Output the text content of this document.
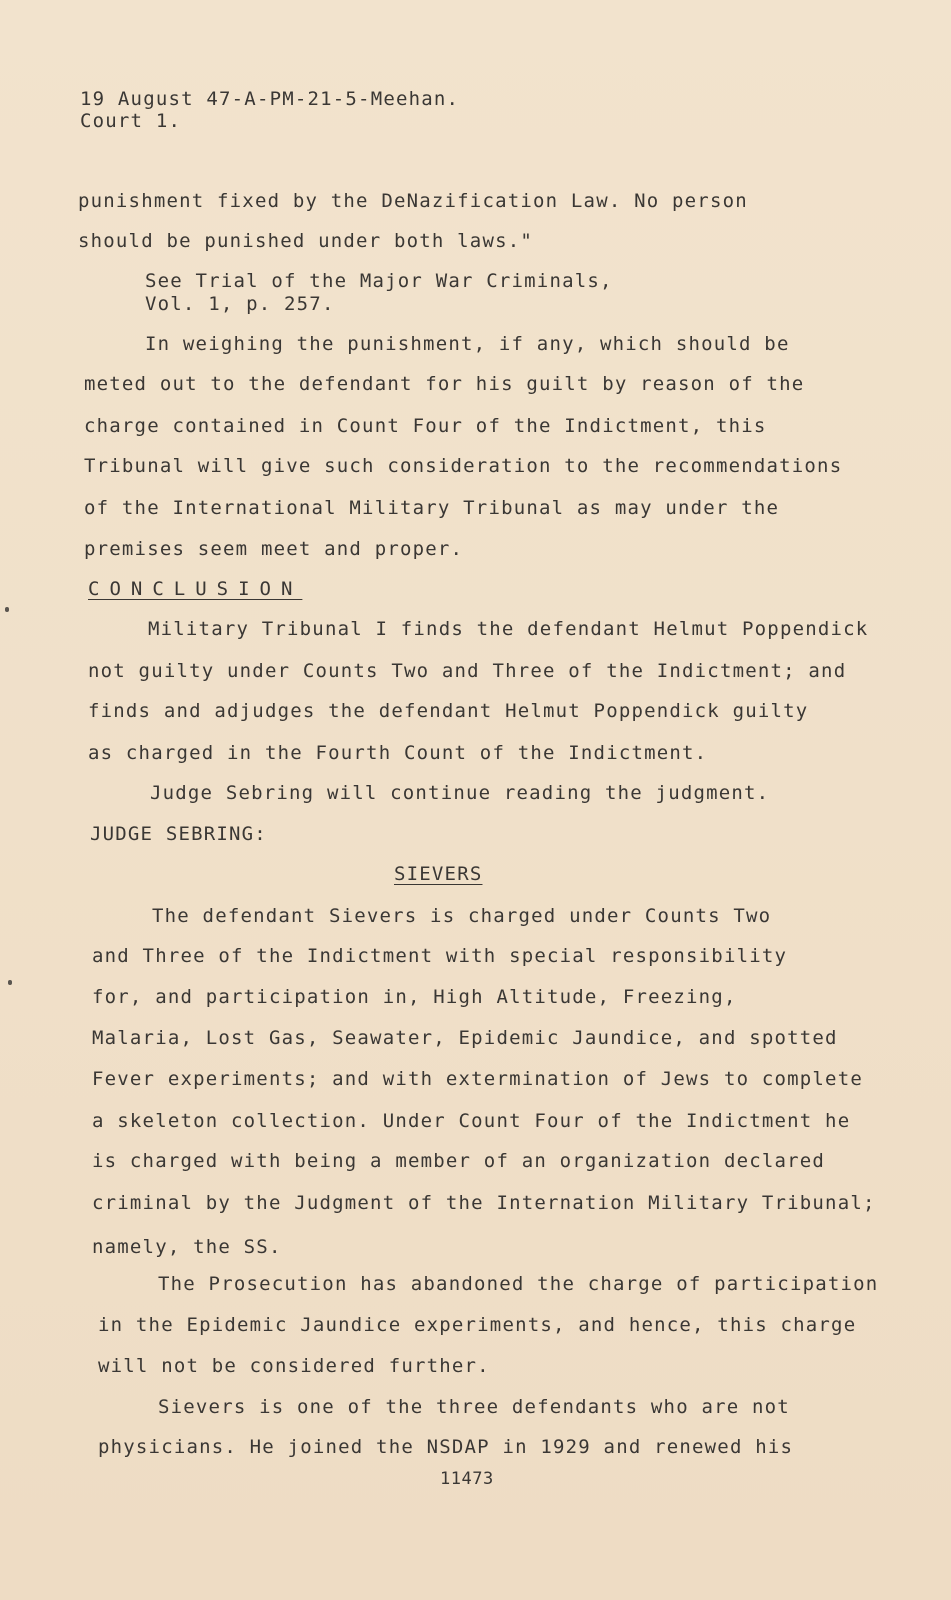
19 August 47-A-PM-21-5-Meehan.
Court 1.
punishment fixed by the DeNazification Law. No person
should be punished under both laws."
See Trial of the Major War Criminals,
Vol. 1, p. 257.
In weighing the punishment, if any, which should be
meted out to the defendant for his guilt by reason of the
charge contained in Count Four of the Indictment, this
Tribunal will give such consideration to the recommendations
of the International Military Tribunal as may under the
premises seem meet and proper.
CONCLUSION
Military Tribunal I finds the defendant Helmut Poppendick
not guilty under Counts Two and Three of the Indictment; and
finds and adjudges the defendant Helmut Poppendick guilty
as charged in the Fourth Count of the Indictment.
Judge Sebring will continue reading the judgment.
JUDGE SEBRING:
SIEVERS
The defendant Sievers is charged under Counts Two
and Three of the Indictment with special responsibility
for, and participation in, High Altitude, Freezing,
Malaria, Lost Gas, Seawater, Epidemic Jaundice, and spotted
Fever experiments; and with extermination of Jews to complete
a skeleton collection. Under Count Four of the Indictment he
is charged with being a member of an organization declared
criminal by the Judgment of the Internation Military Tribunal;
namely, the SS.
The Prosecution has abandoned the charge of participation
in the Epidemic Jaundice experiments, and hence, this charge
will not be considered further.
Sievers is one of the three defendants who are not
physicians. He joined the NSDAP in 1929 and renewed his
11473
